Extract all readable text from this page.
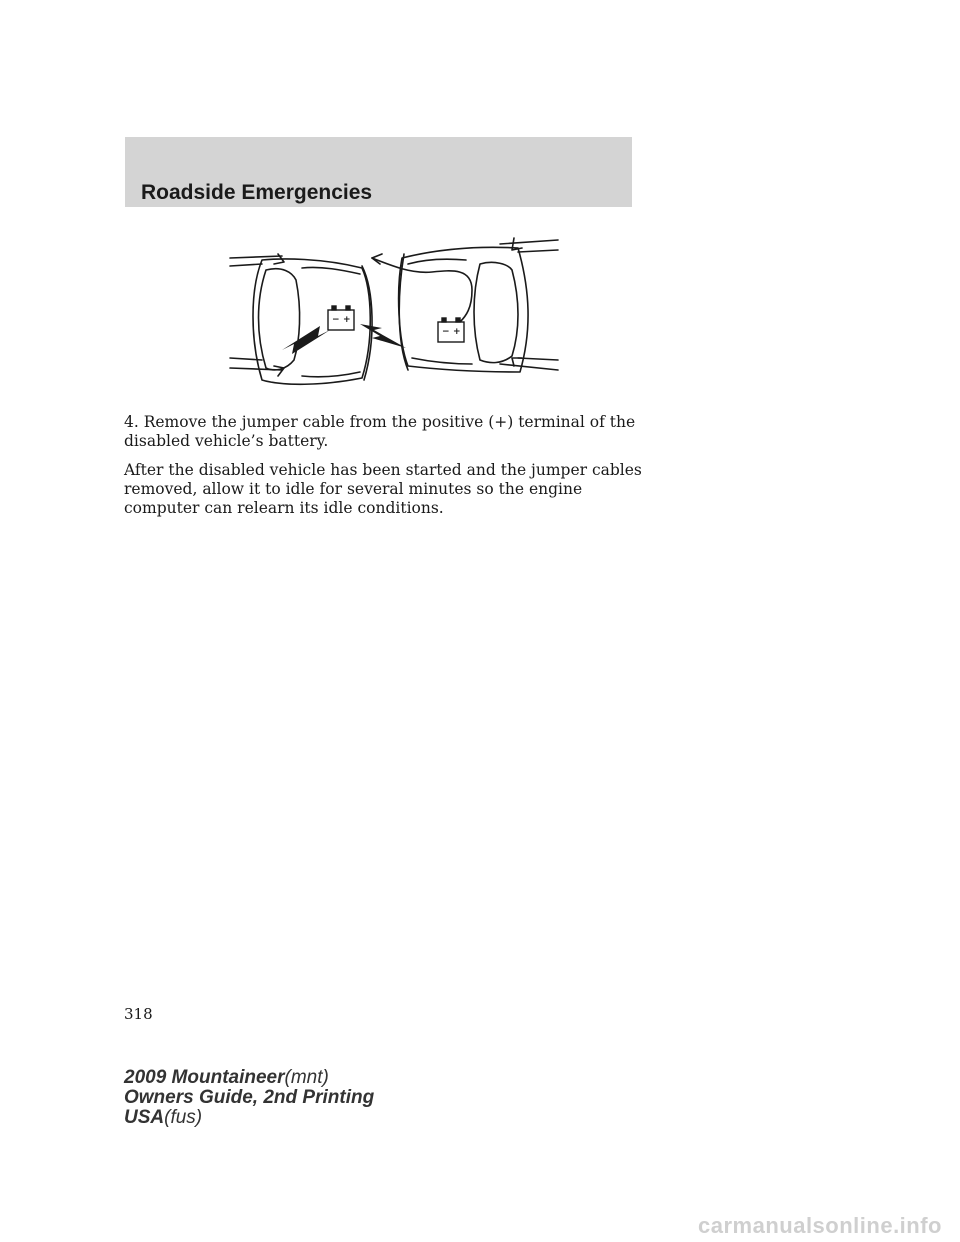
Roadside Emergencies
− +
− +

4. Remove the jumper cable from the positive (+) terminal of the disabled vehicle’s battery.

After the disabled vehicle has been started and the jumper cables removed, allow it to idle for several minutes so the engine computer can relearn its idle conditions.

318
2009 Mountaineer(mnt)
Owners Guide, 2nd Printing
USA(fus)
carmanualsonline.info
